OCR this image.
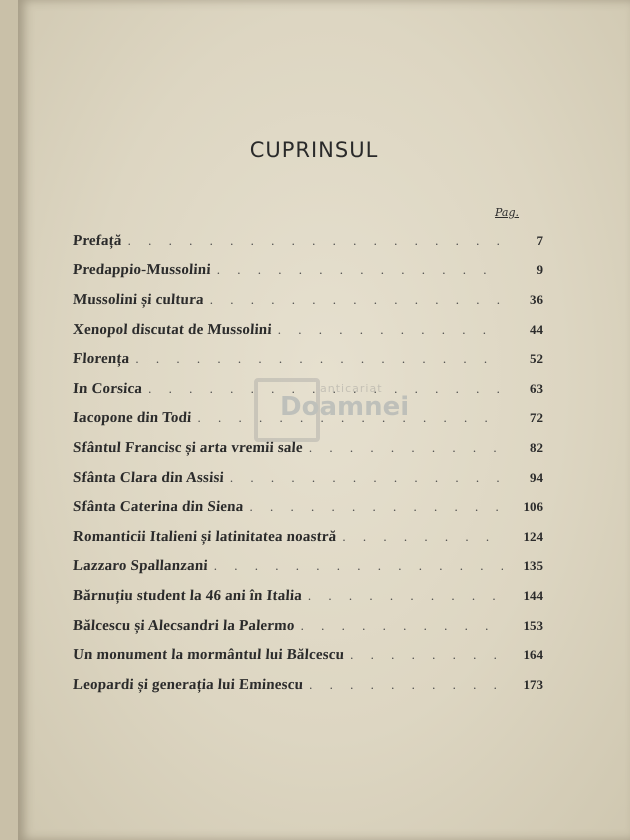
CUPRINSUL
Pag.
Prefață . . .	7
Predappio-Mussolini . . .	9
Mussolini și cultura . . .	36
Xenopol discutat de Mussolini . . .	44
Florența . . .	52
In Corsica . . .	63
Iacopone din Todi . . .	72
Sfântul Francisc și arta vremii sale . . .	82
Sfânta Clara din Assisi . . .	94
Sfânta Caterina din Siena . . .	106
Romanticii Italieni și latinitatea noastră . . .	124
Lazzaro Spallanzani . . .	135
Bărnuțiu student la 46 ani în Italia . . .	144
Bălcescu și Alecsandri la Palermo . . .	153
Un monument la mormântul lui Bălcescu . . .	164
Leopardi și generația lui Eminescu . . .	173
anticariat
Doamnei
